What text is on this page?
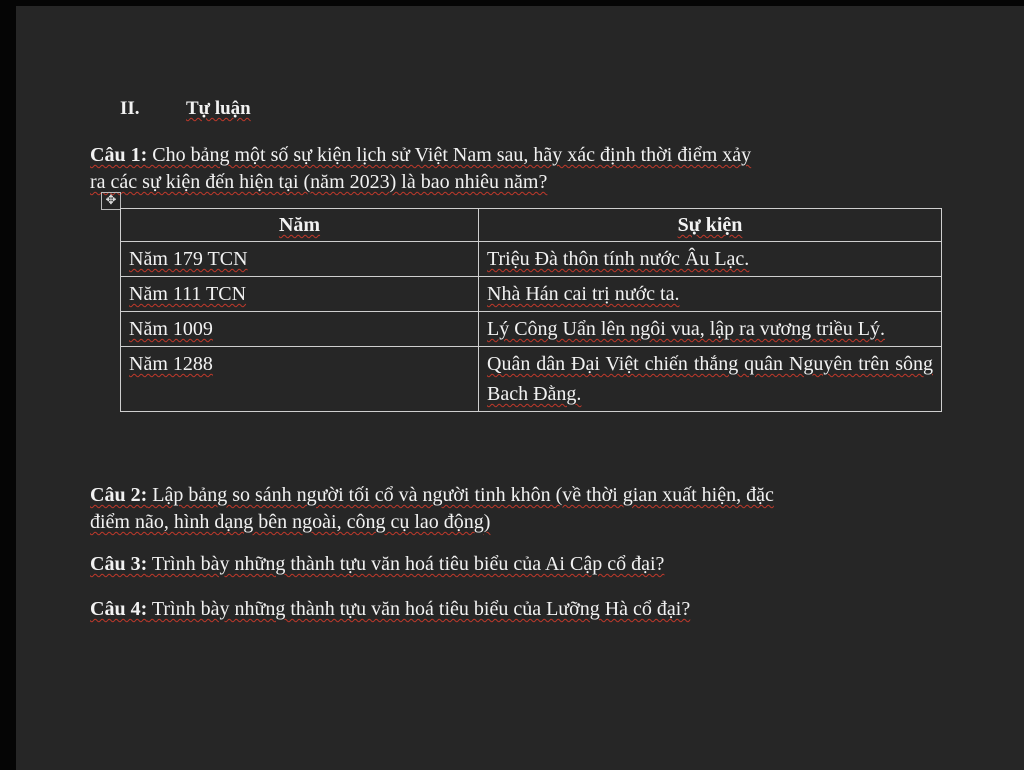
II. Tự luận
Câu 1: Cho bảng một số sự kiện lịch sử Việt Nam sau, hãy xác định thời điểm xảy
ra các sự kiện đến hiện tại (năm 2023) là bao nhiêu năm?
✥
Năm	Sự kiện
Năm 179 TCN	Triệu Đà thôn tính nước Âu Lạc.
Năm 111 TCN	Nhà Hán cai trị nước ta.
Năm 1009	Lý Công Uẩn lên ngôi vua, lập ra vương triều Lý.
Năm 1288	Quân dân Đại Việt chiến thắng quân Nguyên trên sông Bach Đằng.
Câu 2: Lập bảng so sánh người tối cổ và người tinh khôn (về thời gian xuất hiện, đặc
điểm não, hình dạng bên ngoài, công cụ lao động)
Câu 3: Trình bày những thành tựu văn hoá tiêu biểu của Ai Cập cổ đại?
Câu 4: Trình bày những thành tựu văn hoá tiêu biểu của Lưỡng Hà cổ đại?
